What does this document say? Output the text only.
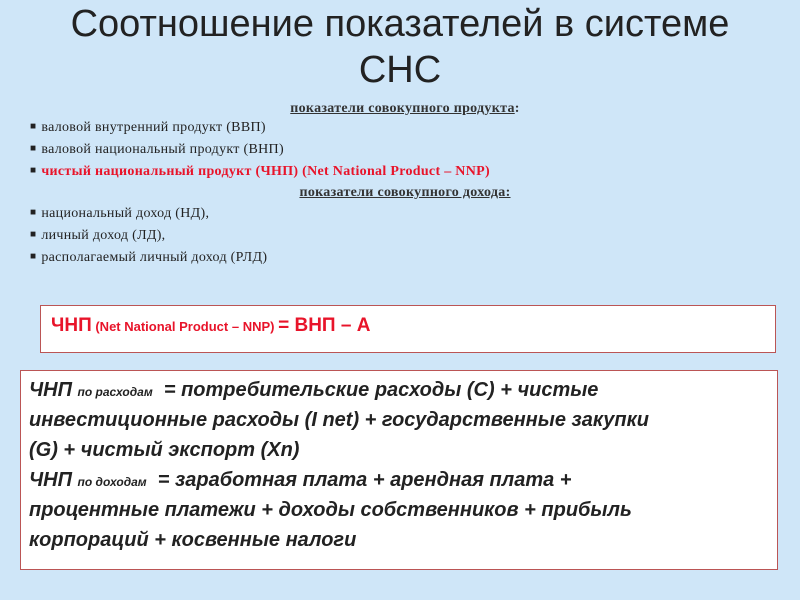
Соотношение показателей в системе
СНС
показатели совокупного продукта:
■ валовой внутренний продукт (ВВП)
■ валовой национальный продукт (ВНП)
■ чистый национальный продукт (ЧНП) (Net National Product – NNP)
показатели совокупного дохода:
■ национальный доход (НД),
■ личный доход (ЛД),
■ располагаемый личный доход (РЛД)
ЧНП (Net National Product – NNP) = ВНП – А
ЧНП по расходам  = потребительские расходы (С) + чистые
инвестиционные расходы (I net) + государственные закупки
(G) + чистый экспорт (Xn)
ЧНП по доходам  = заработная плата + арендная плата +
процентные платежи + доходы собственников + прибыль
корпораций + косвенные налоги
